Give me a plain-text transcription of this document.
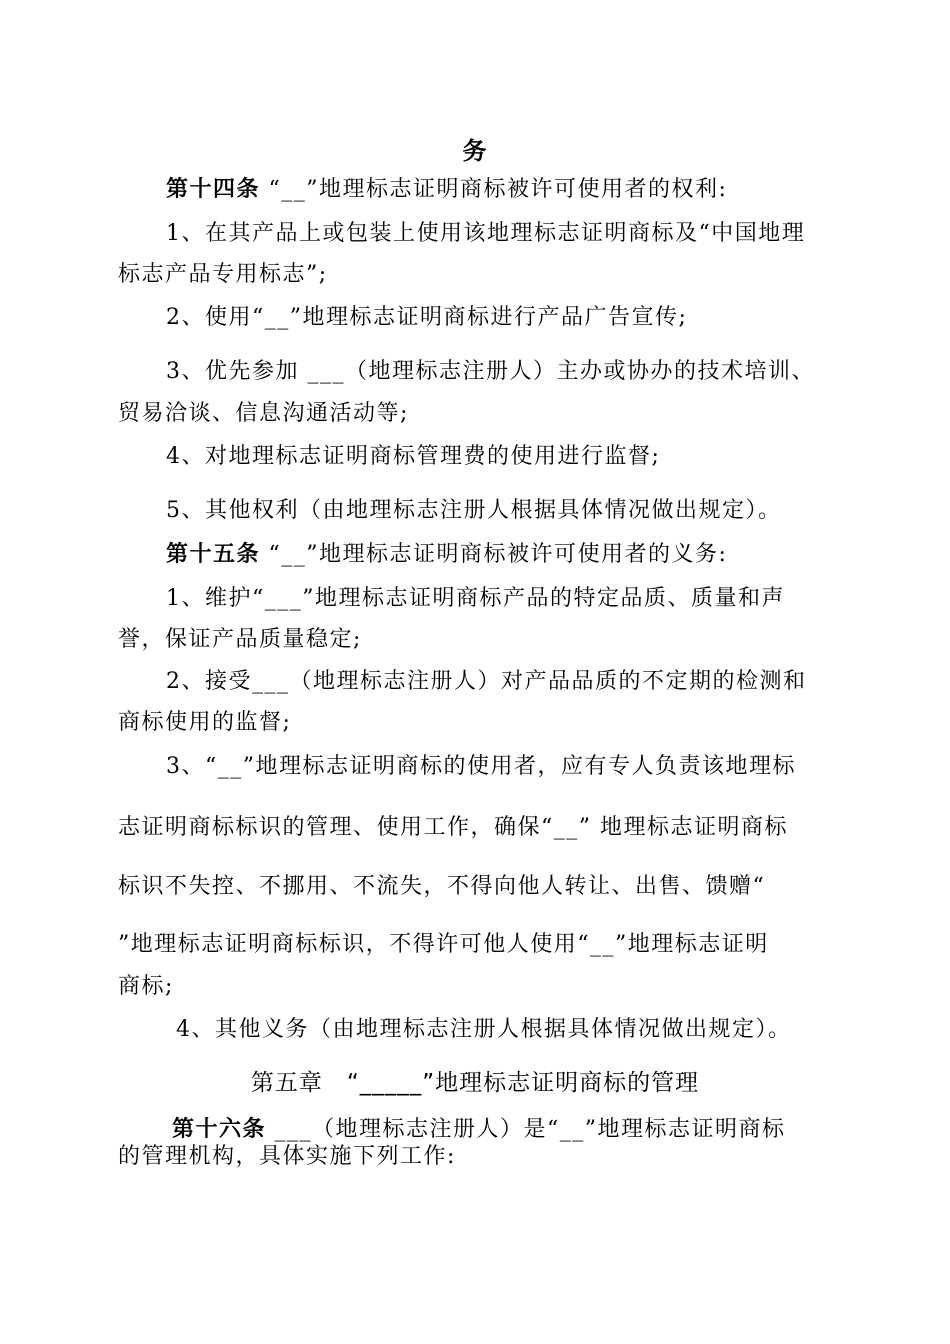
务
第十四条 “__”地理标志证明商标被许可使用者的权利:
1、在其产品上或包装上使用该地理标志证明商标及“中国地理
标志产品专用标志”;
2、使用“__”地理标志证明商标进行产品广告宣传;
3、优先参加 ___（地理标志注册人）主办或协办的技术培训、
贸易洽谈、信息沟通活动等;
4、对地理标志证明商标管理费的使用进行监督;
5、其他权利（由地理标志注册人根据具体情况做出规定）。
第十五条 “__”地理标志证明商标被许可使用者的义务:
1、维护“___”地理标志证明商标产品的特定品质、质量和声
誉，保证产品质量稳定;
2、接受___（地理标志注册人）对产品品质的不定期的检测和
商标使用的监督;
3、“__”地理标志证明商标的使用者，应有专人负责该地理标
志证明商标标识的管理、使用工作，确保“__” 地理标志证明商标
标识不失控、不挪用、不流失，不得向他人转让、出售、馈赠“
”地理标志证明商标标识，不得许可他人使用“__”地理标志证明
商标;
4、其他义务（由地理标志注册人根据具体情况做出规定）。
第五章　“_____”地理标志证明商标的管理
第十六条 ___（地理标志注册人）是“__”地理标志证明商标
的管理机构，具体实施下列工作:
